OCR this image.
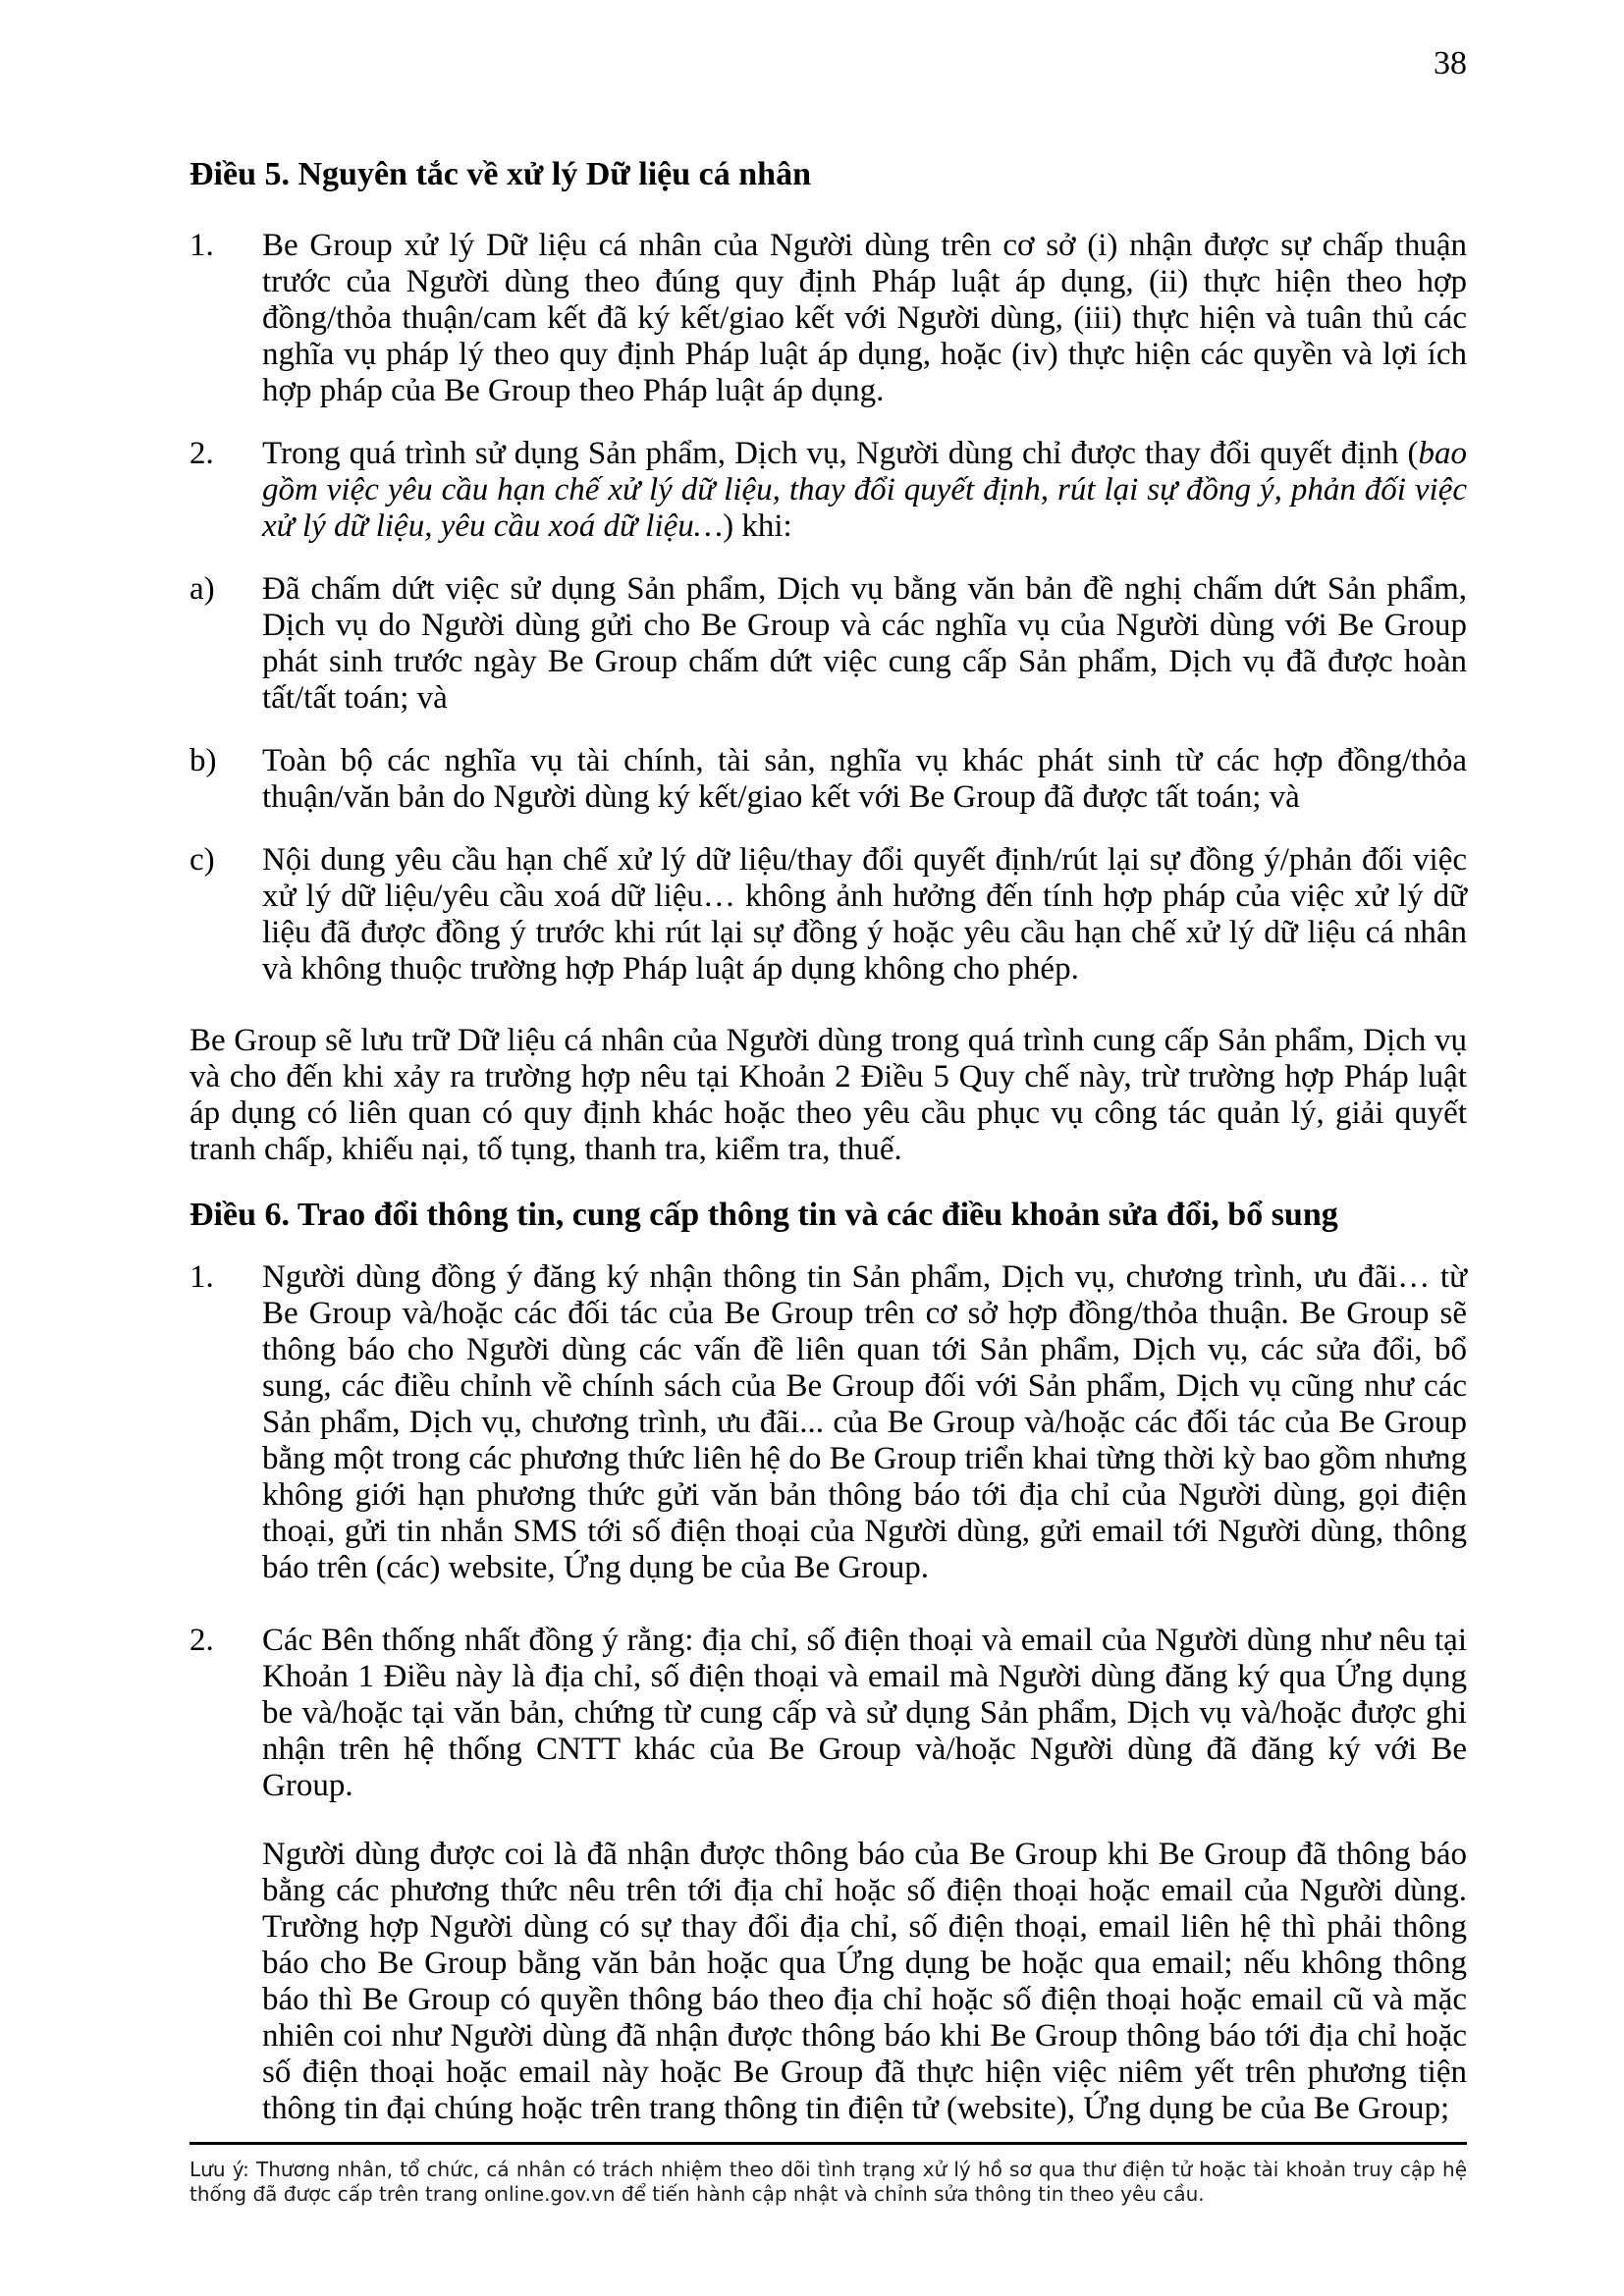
38
Điều 5. Nguyên tắc về xử lý Dữ liệu cá nhân
1.	Be Group xử lý Dữ liệu cá nhân của Người dùng trên cơ sở (i) nhận được sự chấp thuận trước của Người dùng theo đúng quy định Pháp luật áp dụng, (ii) thực hiện theo hợp đồng/thỏa thuận/cam kết đã ký kết/giao kết với Người dùng, (iii) thực hiện và tuân thủ các nghĩa vụ pháp lý theo quy định Pháp luật áp dụng, hoặc (iv) thực hiện các quyền và lợi ích hợp pháp của Be Group theo Pháp luật áp dụng.
2.	Trong quá trình sử dụng Sản phẩm, Dịch vụ, Người dùng chỉ được thay đổi quyết định (bao gồm việc yêu cầu hạn chế xử lý dữ liệu, thay đổi quyết định, rút lại sự đồng ý, phản đối việc xử lý dữ liệu, yêu cầu xoá dữ liệu…) khi:
a)	Đã chấm dứt việc sử dụng Sản phẩm, Dịch vụ bằng văn bản đề nghị chấm dứt Sản phẩm, Dịch vụ do Người dùng gửi cho Be Group và các nghĩa vụ của Người dùng với Be Group phát sinh trước ngày Be Group chấm dứt việc cung cấp Sản phẩm, Dịch vụ đã được hoàn tất/tất toán; và
b)	Toàn bộ các nghĩa vụ tài chính, tài sản, nghĩa vụ khác phát sinh từ các hợp đồng/thỏa thuận/văn bản do Người dùng ký kết/giao kết với Be Group đã được tất toán; và
c)	Nội dung yêu cầu hạn chế xử lý dữ liệu/thay đổi quyết định/rút lại sự đồng ý/phản đối việc xử lý dữ liệu/yêu cầu xoá dữ liệu… không ảnh hưởng đến tính hợp pháp của việc xử lý dữ liệu đã được đồng ý trước khi rút lại sự đồng ý hoặc yêu cầu hạn chế xử lý dữ liệu cá nhân và không thuộc trường hợp Pháp luật áp dụng không cho phép.
Be Group sẽ lưu trữ Dữ liệu cá nhân của Người dùng trong quá trình cung cấp Sản phẩm, Dịch vụ và cho đến khi xảy ra trường hợp nêu tại Khoản 2 Điều 5 Quy chế này, trừ trường hợp Pháp luật áp dụng có liên quan có quy định khác hoặc theo yêu cầu phục vụ công tác quản lý, giải quyết tranh chấp, khiếu nại, tố tụng, thanh tra, kiểm tra, thuế.
Điều 6. Trao đổi thông tin, cung cấp thông tin và các điều khoản sửa đổi, bổ sung
1.	Người dùng đồng ý đăng ký nhận thông tin Sản phẩm, Dịch vụ, chương trình, ưu đãi… từ Be Group và/hoặc các đối tác của Be Group trên cơ sở hợp đồng/thỏa thuận. Be Group sẽ thông báo cho Người dùng các vấn đề liên quan tới Sản phẩm, Dịch vụ, các sửa đổi, bổ sung, các điều chỉnh về chính sách của Be Group đối với Sản phẩm, Dịch vụ cũng như các Sản phẩm, Dịch vụ, chương trình, ưu đãi... của Be Group và/hoặc các đối tác của Be Group bằng một trong các phương thức liên hệ do Be Group triển khai từng thời kỳ bao gồm nhưng không giới hạn phương thức gửi văn bản thông báo tới địa chỉ của Người dùng, gọi điện thoại, gửi tin nhắn SMS tới số điện thoại của Người dùng, gửi email tới Người dùng, thông báo trên (các) website, Ứng dụng be của Be Group.
2.	Các Bên thống nhất đồng ý rằng: địa chỉ, số điện thoại và email của Người dùng như nêu tại Khoản 1 Điều này là địa chỉ, số điện thoại và email mà Người dùng đăng ký qua Ứng dụng be và/hoặc tại văn bản, chứng từ cung cấp và sử dụng Sản phẩm, Dịch vụ và/hoặc được ghi nhận trên hệ thống CNTT khác của Be Group và/hoặc Người dùng đã đăng ký với Be Group.
Người dùng được coi là đã nhận được thông báo của Be Group khi Be Group đã thông báo bằng các phương thức nêu trên tới địa chỉ hoặc số điện thoại hoặc email của Người dùng. Trường hợp Người dùng có sự thay đổi địa chỉ, số điện thoại, email liên hệ thì phải thông báo cho Be Group bằng văn bản hoặc qua Ứng dụng be hoặc qua email; nếu không thông báo thì Be Group có quyền thông báo theo địa chỉ hoặc số điện thoại hoặc email cũ và mặc nhiên coi như Người dùng đã nhận được thông báo khi Be Group thông báo tới địa chỉ hoặc số điện thoại hoặc email này hoặc Be Group đã thực hiện việc niêm yết trên phương tiện thông tin đại chúng hoặc trên trang thông tin điện tử (website), Ứng dụng be của Be Group;
Lưu ý: Thương nhân, tổ chức, cá nhân có trách nhiệm theo dõi tình trạng xử lý hồ sơ qua thư điện tử hoặc tài khoản truy cập hệ thống đã được cấp trên trang online.gov.vn để tiến hành cập nhật và chỉnh sửa thông tin theo yêu cầu.
